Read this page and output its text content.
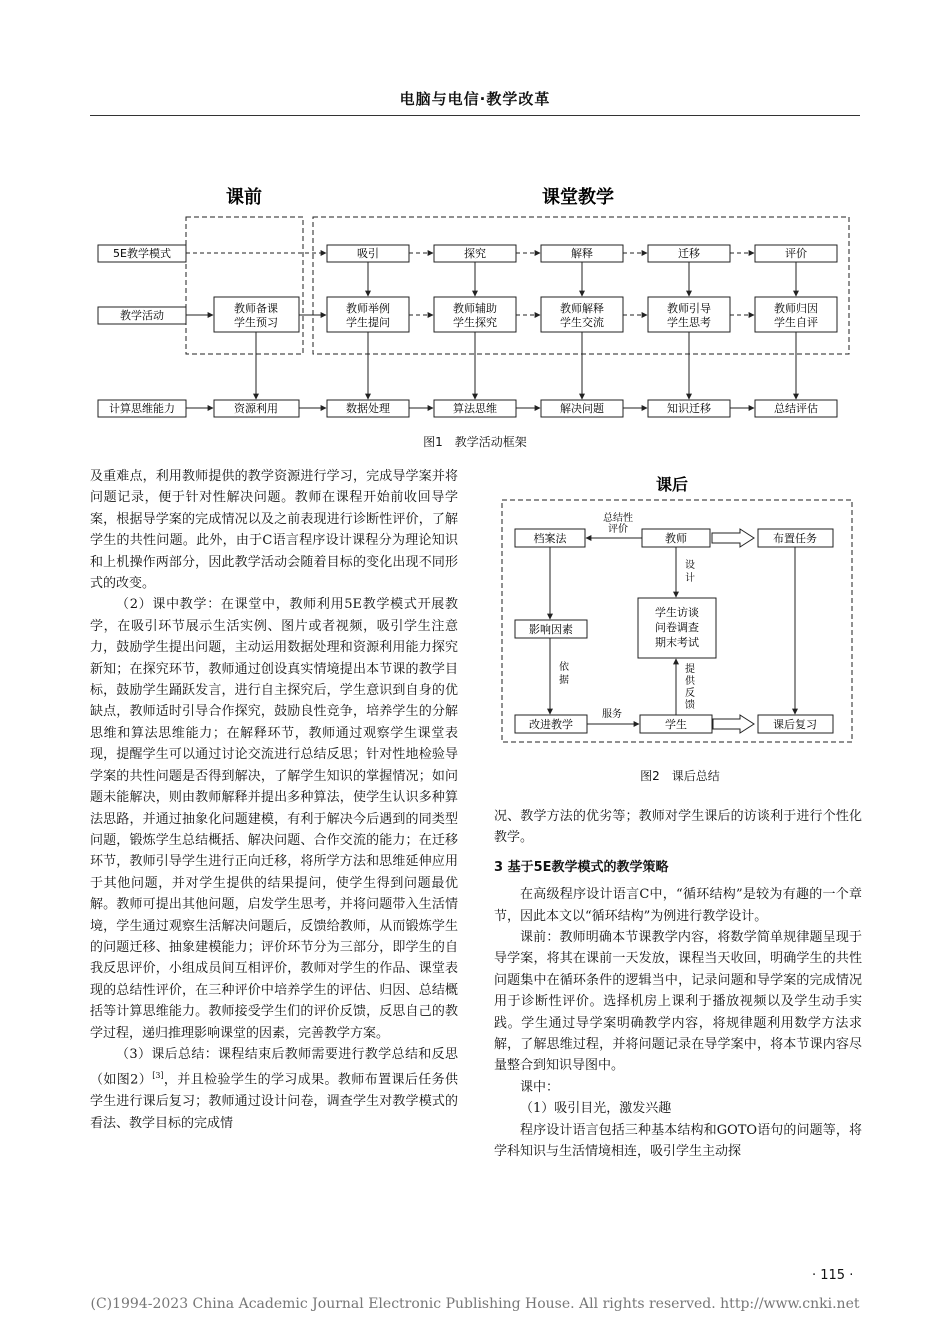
电脑与电信·教学改革
课前	课堂教学
5E教学模式
教学活动
计算思维能力
吸引	探究	解释	迁移	评价
教师备课
学生预习
教师举例
学生提问
教师辅助
学生探究
教师解释
学生交流
教师引导
学生思考
教师归因
学生自评
资源利用	数据处理	算法思维	解决问题	知识迁移	总结评估
图1　教学活动框架

及重难点，利用教师提供的教学资源进行学习，完成导学案并将问题记录，便于针对性解决问题。教师在课程开始前收回导学案，根据导学案的完成情况以及之前表现进行诊断性评价，了解学生的共性问题。此外，由于C语言程序设计课程分为理论知识和上机操作两部分，因此教学活动会随着目标的变化出现不同形式的改变。

（2）课中教学：在课堂中，教师利用5E教学模式开展教学，在吸引环节展示生活实例、图片或者视频，吸引学生注意力，鼓励学生提出问题，主动运用数据处理和资源利用能力探究新知；在探究环节，教师通过创设真实情境提出本节课的教学目标，鼓励学生踊跃发言，进行自主探究后，学生意识到自身的优缺点，教师适时引导合作探究，鼓励良性竞争，培养学生的分解思维和算法思维能力；在解释环节，教师通过观察学生课堂表现，提醒学生可以通过讨论交流进行总结反思；针对性地检验导学案的共性问题是否得到解决，了解学生知识的掌握情况；如问题未能解决，则由教师解释并提出多种算法，使学生认识多种算法思路，并通过抽象化问题建模，有利于解决今后遇到的同类型问题，锻炼学生总结概括、解决问题、合作交流的能力；在迁移环节，教师引导学生进行正向迁移，将所学方法和思维延伸应用于其他问题，并对学生提供的结果提问，使学生得到问题最优解。教师可提出其他问题，启发学生思考，并将问题带入生活情境，学生通过观察生活解决问题后，反馈给教师，从而锻炼学生的问题迁移、抽象建模能力；评价环节分为三部分，即学生的自我反思评价，小组成员间互相评价，教师对学生的作品、课堂表现的总结性评价，在三种评价中培养学生的评估、归因、总结概括等计算思维能力。教师接受学生们的评价反馈，反思自己的教学过程，递归推理影响课堂的因素，完善教学方案。

（3）课后总结：课程结束后教师需要进行教学总结和反思（如图2）[3]，并且检验学生的学习成果。教师布置课后任务供学生进行课后复习；教师通过设计问卷，调查学生对教学模式的看法、教学目标的完成情

课后
档案法	教师	布置任务
影响因素
学生访谈
问卷调查
期末考试
改进教学	学生	课后复习
总结性
评价
设
计
提
供
反
馈
依
据
服务
图2　课后总结

况、教学方法的优劣等；教师对学生课后的访谈利于进行个性化教学。

3 基于5E教学模式的教学策略

在高级程序设计语言C中，“循环结构”是较为有趣的一个章节，因此本文以“循环结构”为例进行教学设计。

课前：教师明确本节课教学内容，将数学简单规律题呈现于导学案，将其在课前一天发放，课程当天收回，明确学生的共性问题集中在循环条件的逻辑当中，记录问题和导学案的完成情况用于诊断性评价。选择机房上课利于播放视频以及学生动手实践。学生通过导学案明确教学内容，将规律题利用数学方法求解，了解思维过程，并将问题记录在导学案中，将本节课内容尽量整合到知识导图中。

课中：

（1）吸引目光，激发兴趣

程序设计语言包括三种基本结构和GOTO语句的问题等，将学科知识与生活情境相连，吸引学生主动探

· 115 ·
(C)1994-2023 China Academic Journal Electronic Publishing House. All rights reserved. http://www.cnki.net
